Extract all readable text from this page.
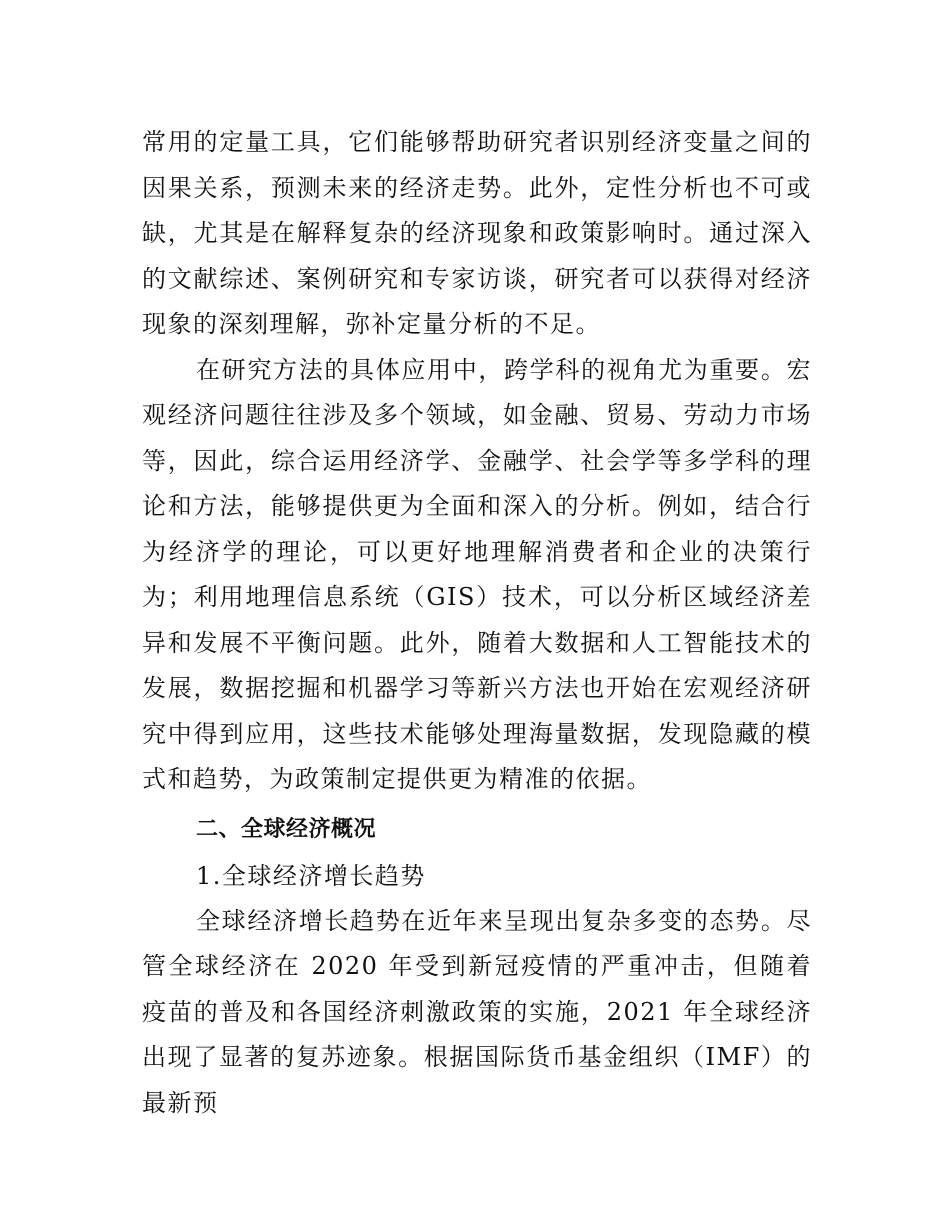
常用的定量工具，它们能够帮助研究者识别经济变量之间的因果关系，预测未来的经济走势。此外，定性分析也不可或缺，尤其是在解释复杂的经济现象和政策影响时。通过深入的文献综述、案例研究和专家访谈，研究者可以获得对经济现象的深刻理解，弥补定量分析的不足。

在研究方法的具体应用中，跨学科的视角尤为重要。宏观经济问题往往涉及多个领域，如金融、贸易、劳动力市场等，因此，综合运用经济学、金融学、社会学等多学科的理论和方法，能够提供更为全面和深入的分析。例如，结合行为经济学的理论，可以更好地理解消费者和企业的决策行为；利用地理信息系统（GIS）技术，可以分析区域经济差异和发展不平衡问题。此外，随着大数据和人工智能技术的发展，数据挖掘和机器学习等新兴方法也开始在宏观经济研究中得到应用，这些技术能够处理海量数据，发现隐藏的模式和趋势，为政策制定提供更为精准的依据。

二、全球经济概况

1.全球经济增长趋势

全球经济增长趋势在近年来呈现出复杂多变的态势。尽管全球经济在 2020 年受到新冠疫情的严重冲击，但随着疫苗的普及和各国经济刺激政策的实施，2021 年全球经济出现了显著的复苏迹象。根据国际货币基金组织（IMF）的最新预
